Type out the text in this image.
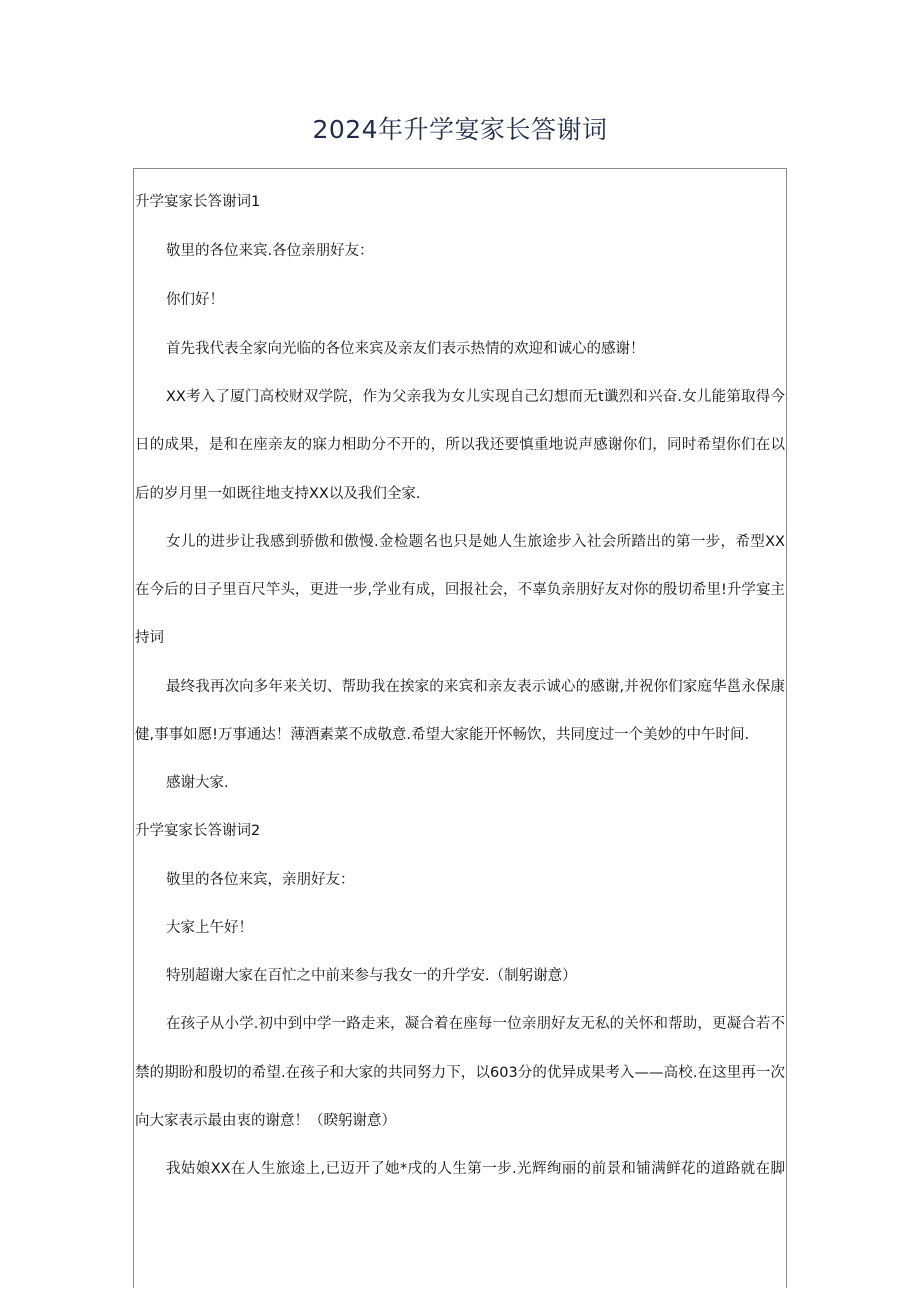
2024年升学宴家长答谢词
升学宴家长答谢词1
敬里的各位来宾.各位亲朋好友：
你们好！
首先我代表全家向光临的各位来宾及亲友们表示热情的欢迎和诚心的感谢！
XX考入了厦门高校财双学院，作为父亲我为女儿实现自己幻想而无t谶烈和兴奋.女儿能第取得今
日的成果，是和在座亲友的寐力相助分不开的，所以我还要慎重地说声感谢你们，同时希望你们在以
后的岁月里一如既往地支持XX以及我们全家.
女儿的进步让我感到骄傲和傲慢.金检题名也只是她人生旅途步入社会所踏出的第一步，希型XX
在今后的日子里百尺竿头，更进一步,学业有成，回报社会，不辜负亲朋好友对你的殷切希里!升学宴主
持词
最终我再次向多年来关切、帮助我在挨家的来宾和亲友表示诚心的感谢,并祝你们家庭华邕永保康
健,事事如愿!万事通达！薄酒素菜不成敬意.希望大家能开怀畅饮，共同度过一个美妙的中午时间.
感谢大家.
升学宴家长答谢词2
敬里的各位来宾，亲朋好友：
大家上午好！
特别超谢大家在百忙之中前来参与我女一的升学安.（制躬谢意）
在孩子从小学.初中到中学一路走来，凝合着在座每一位亲朋好友无私的关怀和帮助，更凝合若不
禁的期盼和殷切的希望.在孩子和大家的共同努力下，以603分的优异成果考入——高校.在这里再一次
向大家表示最由衷的谢意！（睽躬谢意）
我姑娘XX在人生旅途上,已迈开了她*戌的人生第一步.光辉绚丽的前景和铺满鲜花的道路就在脚
